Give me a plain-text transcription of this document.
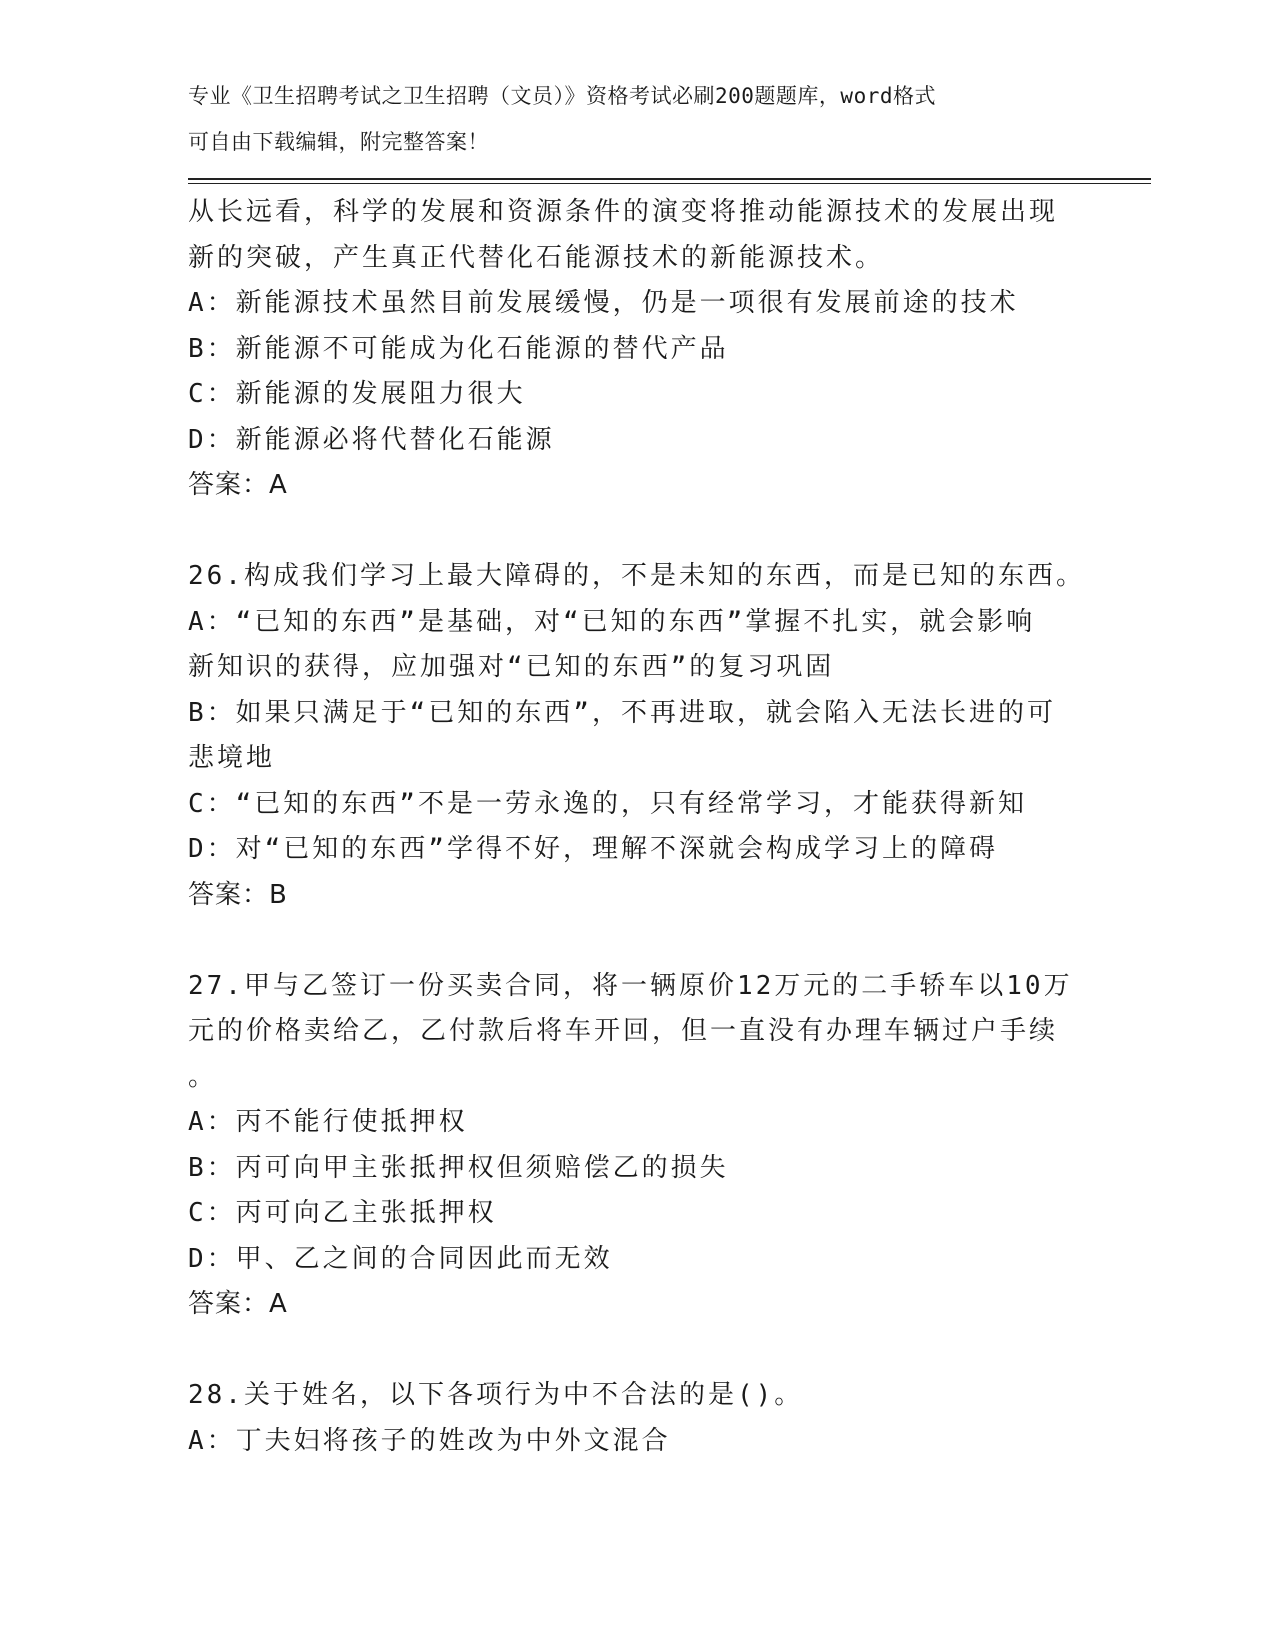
专业《卫生招聘考试之卫生招聘（文员）》资格考试必刷200题题库，word格式
可自由下载编辑，附完整答案！
从长远看，科学的发展和资源条件的演变将推动能源技术的发展出现
新的突破，产生真正代替化石能源技术的新能源技术。
A：新能源技术虽然目前发展缓慢，仍是一项很有发展前途的技术
B：新能源不可能成为化石能源的替代产品
C：新能源的发展阻力很大
D：新能源必将代替化石能源
答案：A
26.构成我们学习上最大障碍的，不是未知的东西，而是已知的东西。
A：“已知的东西”是基础，对“已知的东西”掌握不扎实，就会影响
新知识的获得，应加强对“已知的东西”的复习巩固
B：如果只满足于“已知的东西”，不再进取，就会陷入无法长进的可
悲境地
C：“已知的东西”不是一劳永逸的，只有经常学习，才能获得新知
D：对“已知的东西”学得不好，理解不深就会构成学习上的障碍
答案：B
27.甲与乙签订一份买卖合同，将一辆原价12万元的二手轿车以10万
元的价格卖给乙，乙付款后将车开回，但一直没有办理车辆过户手续
。
A：丙不能行使抵押权
B：丙可向甲主张抵押权但须赔偿乙的损失
C：丙可向乙主张抵押权
D：甲、乙之间的合同因此而无效
答案：A
28.关于姓名，以下各项行为中不合法的是()。
A：丁夫妇将孩子的姓改为中外文混合
